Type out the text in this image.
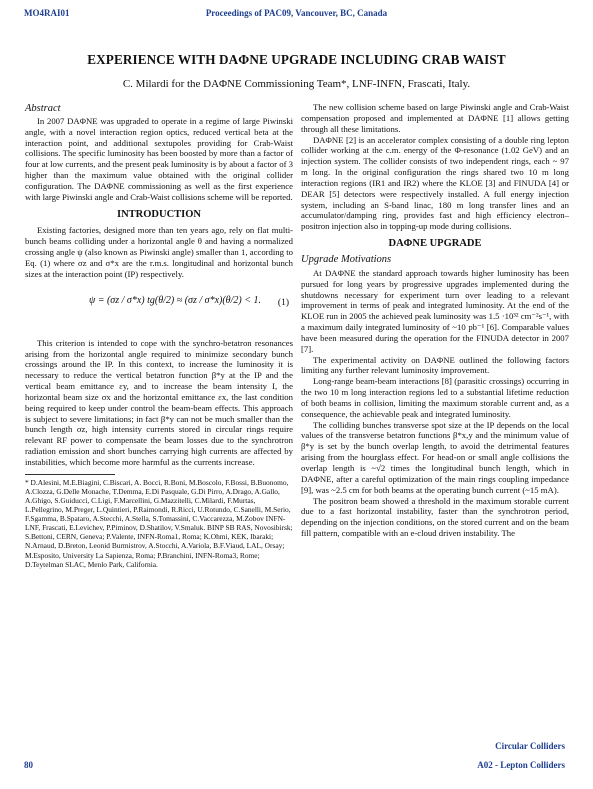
MO4RAI01	Proceedings of PAC09, Vancouver, BC, Canada
EXPERIENCE WITH DAΦNE UPGRADE INCLUDING CRAB WAIST
C. Milardi for the DAΦNE Commissioning Team*, LNF-INFN, Frascati, Italy.
Abstract

In 2007 DAΦNE was upgraded to operate in a regime of large Piwinski angle, with a novel interaction region optics, reduced vertical beta at the interaction point, and additional sextupoles providing for Crab-Waist collisions. The specific luminosity has been boosted by more than a factor of four at low currents, and the present peak luminosity is by about a factor of 3 higher than the maximum value obtained with the original collider configuration. The DAΦNE commissioning as well as the first experience with large Piwinski angle and Crab-Waist collisions scheme will be reported.

INTRODUCTION

Existing factories, designed more than ten years ago, rely on flat multi-bunch beams colliding under a horizontal angle θ and having a normalized crossing angle ψ (also known as Piwinski angle) smaller than 1, according to Eq. (1) where σz and σ*x are the r.m.s. longitudinal and horizontal bunch sizes at the interaction point (IP) respectively.

ψ = (σz / σ*x) tg(θ/2) ≈ (σz / σ*x)(θ/2) < 1. (1)

This criterion is intended to cope with the synchro-betatron resonances arising from the horizontal angle required to minimize secondary bunch crossings around the IP. In this context, to increase the luminosity it is necessary to reduce the vertical betatron function β*y at the IP and the vertical beam emittance εy, and to increase the beam intensity I, the horizontal beam size σx and the horizontal emittance εx, the last condition being required to keep under control the beam-beam effects. This approach is subject to severe limitations; in fact β*y can not be much smaller than the bunch length σz, high intensity currents stored in circular rings require relevant RF power to compensate the beam losses due to the synchrotron radiation emission and short bunches carrying high currents are affected by instabilities, which become more harmful as the currents increase.

* D.Alesini, M.E.Biagini, C.Biscari, A. Bocci, R.Boni, M.Boscolo, F.Bossi, B.Buonomo, A.Clozza, G.Delle Monache, T.Demma, E.Di Pasquale, G.Di Pirro, A.Drago, A.Gallo, A.Ghigo, S.Guiducci, C.Ligi, F.Marcellini, G.Mazzitelli, C.Milardi, F.Murtas, L.Pellegrino, M.Preger, L.Quintieri, P.Raimondi, R.Ricci, U.Rotundo, C.Sanelli, M.Serio, F.Sgamma, B.Spataro, A.Stecchi, A.Stella, S.Tomassini, C.Vaccarezza, M.Zobov INFN-LNF, Frascati, E.Levichev, P.Piminov, D.Shatilov, V.Smaluk. BINP SB RAS, Novosibirsk; S.Bettoni, CERN, Geneva; P.Valente, INFN-Roma1, Roma; K.Ohmi, KEK, Ibaraki; N.Arnaud, D.Breton, Leonid Burmistrov, A.Stocchi, A.Variola, B.F.Viaud, LAL, Orsay; M.Esposito, University La Sapienza, Roma; P.Branchini, INFN-Roma3, Rome; D.Teytelman SLAC, Menlo Park, California.

The new collision scheme based on large Piwinski angle and Crab-Waist compensation proposed and implemented at DAΦNE [1] allows getting through all these limitations.

DAΦNE [2] is an accelerator complex consisting of a double ring lepton collider working at the c.m. energy of the Φ-resonance (1.02 GeV) and an injection system. The collider consists of two independent rings, each ~ 97 m long. In the original configuration the rings shared two 10 m long interaction regions (IR1 and IR2) where the KLOE [3] and FINUDA [4] or DEAR [5] detectors were respectively installed. A full energy injection system, including an S-band linac, 180 m long transfer lines and an accumulator/damping ring, provides fast and high efficiency electron–positron injection also in topping-up mode during collisions.

DAΦNE UPGRADE
Upgrade Motivations

At DAΦNE the standard approach towards higher luminosity has been pursued for long years by progressive upgrades implemented during the shutdowns necessary for experiment turn over leading to a relevant improvement in terms of peak and integrated luminosity. At the end of the KLOE run in 2005 the achieved peak luminosity was 1.5 ·10³² cm⁻²s⁻¹, with a maximum daily integrated luminosity of ~10 pb⁻¹ [6]. Comparable values have been measured during the operation for the FINUDA detector in 2007 [7].

The experimental activity on DAΦNE outlined the following factors limiting any further relevant luminosity improvement.

Long-range beam-beam interactions [8] (parasitic crossings) occurring in the two 10 m long interaction regions led to a substantial lifetime reduction of both beams in collision, limiting the maximum storable current and, as a consequence, the achievable peak and integrated luminosity.

The colliding bunches transverse spot size at the IP depends on the local values of the transverse betatron functions β*x,y and the minimum value of β*y is set by the bunch overlap length, to avoid the detrimental features arising from the hourglass effect. For head-on or small angle collisions the overlap length is ~√2 times the longitudinal bunch length, which in DAΦNE, after a careful optimization of the main rings coupling impedance [9], was ~2.5 cm for both beams at the operating bunch current (~15 mA).

The positron beam showed a threshold in the maximum storable current due to a fast horizontal instability, faster than the synchrotron period, depending on the injection conditions, on the stored current and on the beam fill pattern, compatible with an e-cloud driven instability. The

Circular Colliders
80	A02 - Lepton Colliders
